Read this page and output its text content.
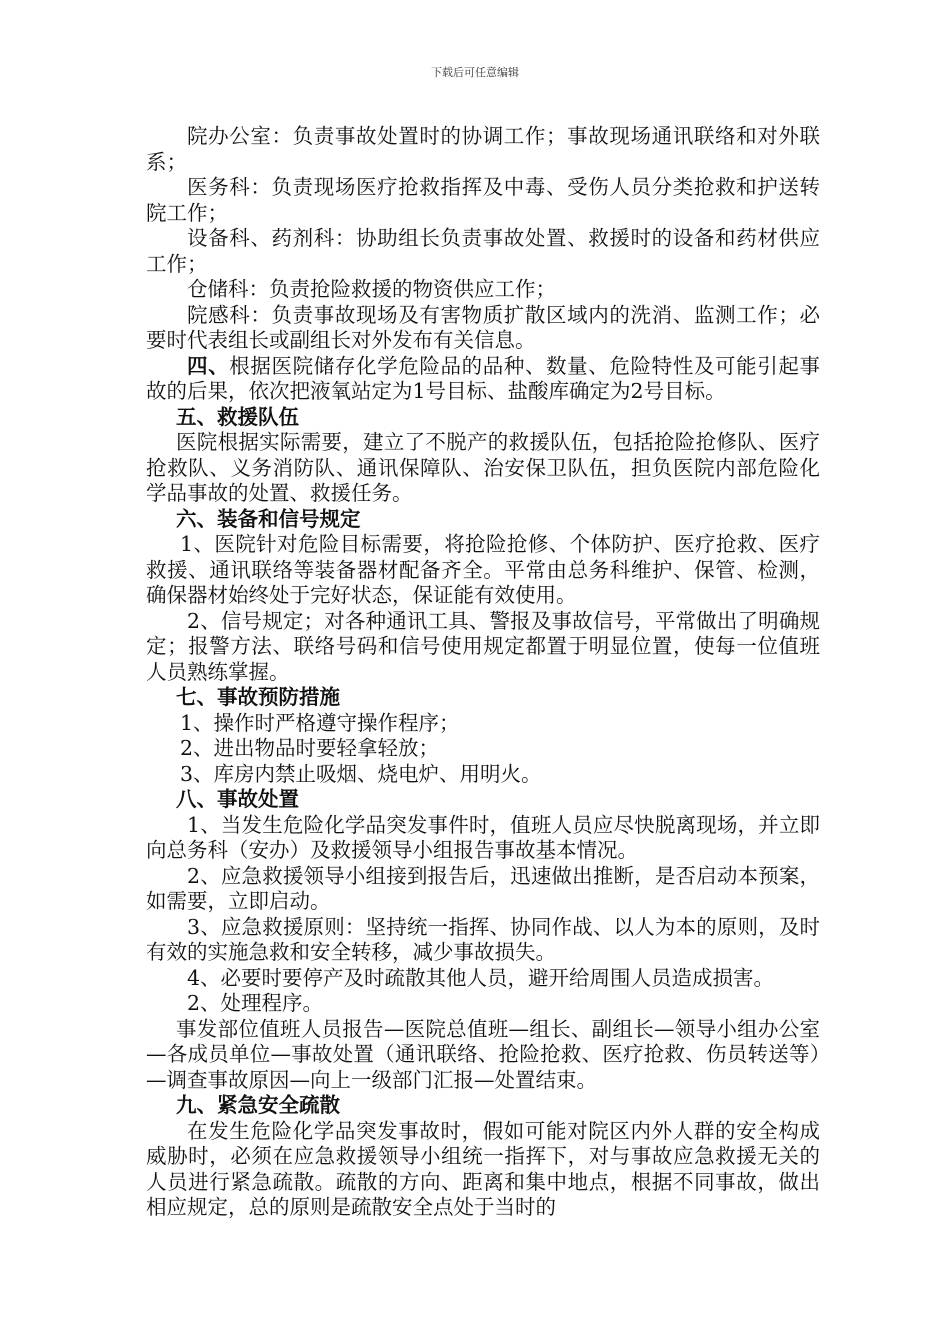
下载后可任意编辑

院办公室：负责事故处置时的协调工作；事故现场通讯联络和对外联系；

医务科：负责现场医疗抢救指挥及中毒、受伤人员分类抢救和护送转院工作；

设备科、药剂科：协助组长负责事故处置、救援时的设备和药材供应工作；

仓储科：负责抢险救援的物资供应工作；

院感科：负责事故现场及有害物质扩散区域内的洗消、监测工作；必要时代表组长或副组长对外发布有关信息。

四、根据医院储存化学危险品的品种、数量、危险特性及可能引起事故的后果，依次把液氧站定为1号目标、盐酸库确定为2号目标。

五、救援队伍

医院根据实际需要，建立了不脱产的救援队伍，包括抢险抢修队、医疗抢救队、义务消防队、通讯保障队、治安保卫队伍，担负医院内部危险化学品事故的处置、救援任务。

六、装备和信号规定

1、医院针对危险目标需要，将抢险抢修、个体防护、医疗抢救、医疗救援、通讯联络等装备器材配备齐全。平常由总务科维护、保管、检测，确保器材始终处于完好状态，保证能有效使用。

2、信号规定；对各种通讯工具、警报及事故信号，平常做出了明确规定；报警方法、联络号码和信号使用规定都置于明显位置，使每一位值班人员熟练掌握。

七、事故预防措施

1、操作时严格遵守操作程序；

2、进出物品时要轻拿轻放；

3、库房内禁止吸烟、烧电炉、用明火。

八、事故处置

1、当发生危险化学品突发事件时，值班人员应尽快脱离现场，并立即向总务科（安办）及救援领导小组报告事故基本情况。

2、应急救援领导小组接到报告后，迅速做出推断，是否启动本预案，如需要，立即启动。

3、应急救援原则：坚持统一指挥、协同作战、以人为本的原则，及时有效的实施急救和安全转移，减少事故损失。

4、必要时要停产及时疏散其他人员，避开给周围人员造成损害。

2、处理程序。

事发部位值班人员报告—医院总值班—组长、副组长—领导小组办公室—各成员单位—事故处置（通讯联络、抢险抢救、医疗抢救、伤员转送等）—调查事故原因—向上一级部门汇报—处置结束。

九、紧急安全疏散

在发生危险化学品突发事故时，假如可能对院区内外人群的安全构成威胁时，必须在应急救援领导小组统一指挥下，对与事故应急救援无关的人员进行紧急疏散。疏散的方向、距离和集中地点，根据不同事故，做出相应规定，总的原则是疏散安全点处于当时的
